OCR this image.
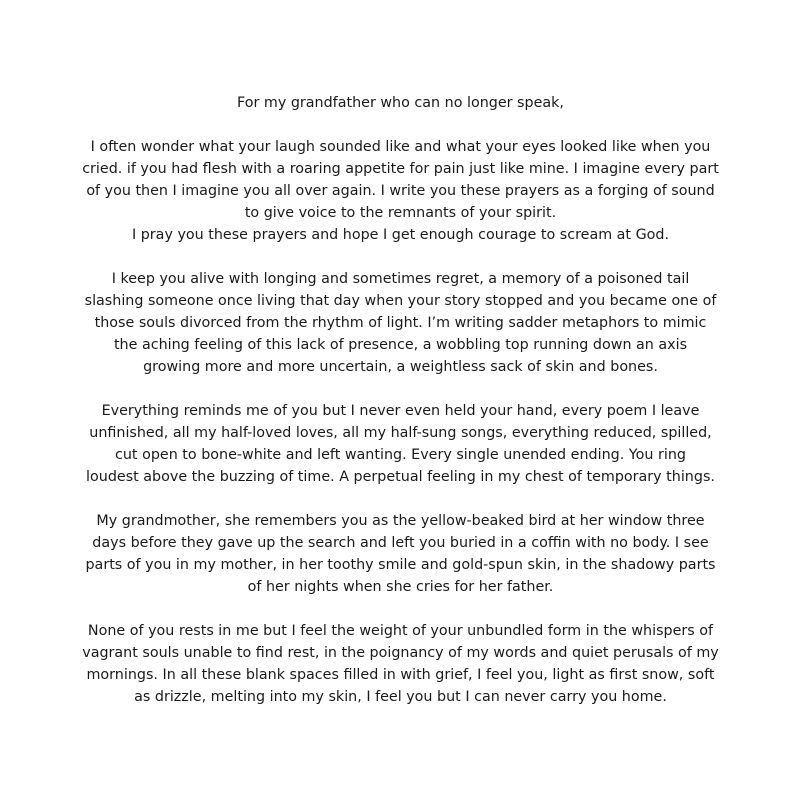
For my grandfather who can no longer speak,
I often wonder what your laugh sounded like and what your eyes looked like when you
cried. if you had flesh with a roaring appetite for pain just like mine. I imagine every part
of you then I imagine you all over again. I write you these prayers as a forging of sound
to give voice to the remnants of your spirit.
I pray you these prayers and hope I get enough courage to scream at God.
I keep you alive with longing and sometimes regret, a memory of a poisoned tail
slashing someone once living that day when your story stopped and you became one of
those souls divorced from the rhythm of light. I’m writing sadder metaphors to mimic
the aching feeling of this lack of presence, a wobbling top running down an axis
growing more and more uncertain, a weightless sack of skin and bones.
Everything reminds me of you but I never even held your hand, every poem I leave
unfinished, all my half-loved loves, all my half-sung songs, everything reduced, spilled,
cut open to bone-white and left wanting. Every single unended ending. You ring
loudest above the buzzing of time. A perpetual feeling in my chest of temporary things.
My grandmother, she remembers you as the yellow-beaked bird at her window three
days before they gave up the search and left you buried in a coffin with no body. I see
parts of you in my mother, in her toothy smile and gold-spun skin, in the shadowy parts
of her nights when she cries for her father.
None of you rests in me but I feel the weight of your unbundled form in the whispers of
vagrant souls unable to find rest, in the poignancy of my words and quiet perusals of my
mornings. In all these blank spaces filled in with grief, I feel you, light as first snow, soft
as drizzle, melting into my skin, I feel you but I can never carry you home.
